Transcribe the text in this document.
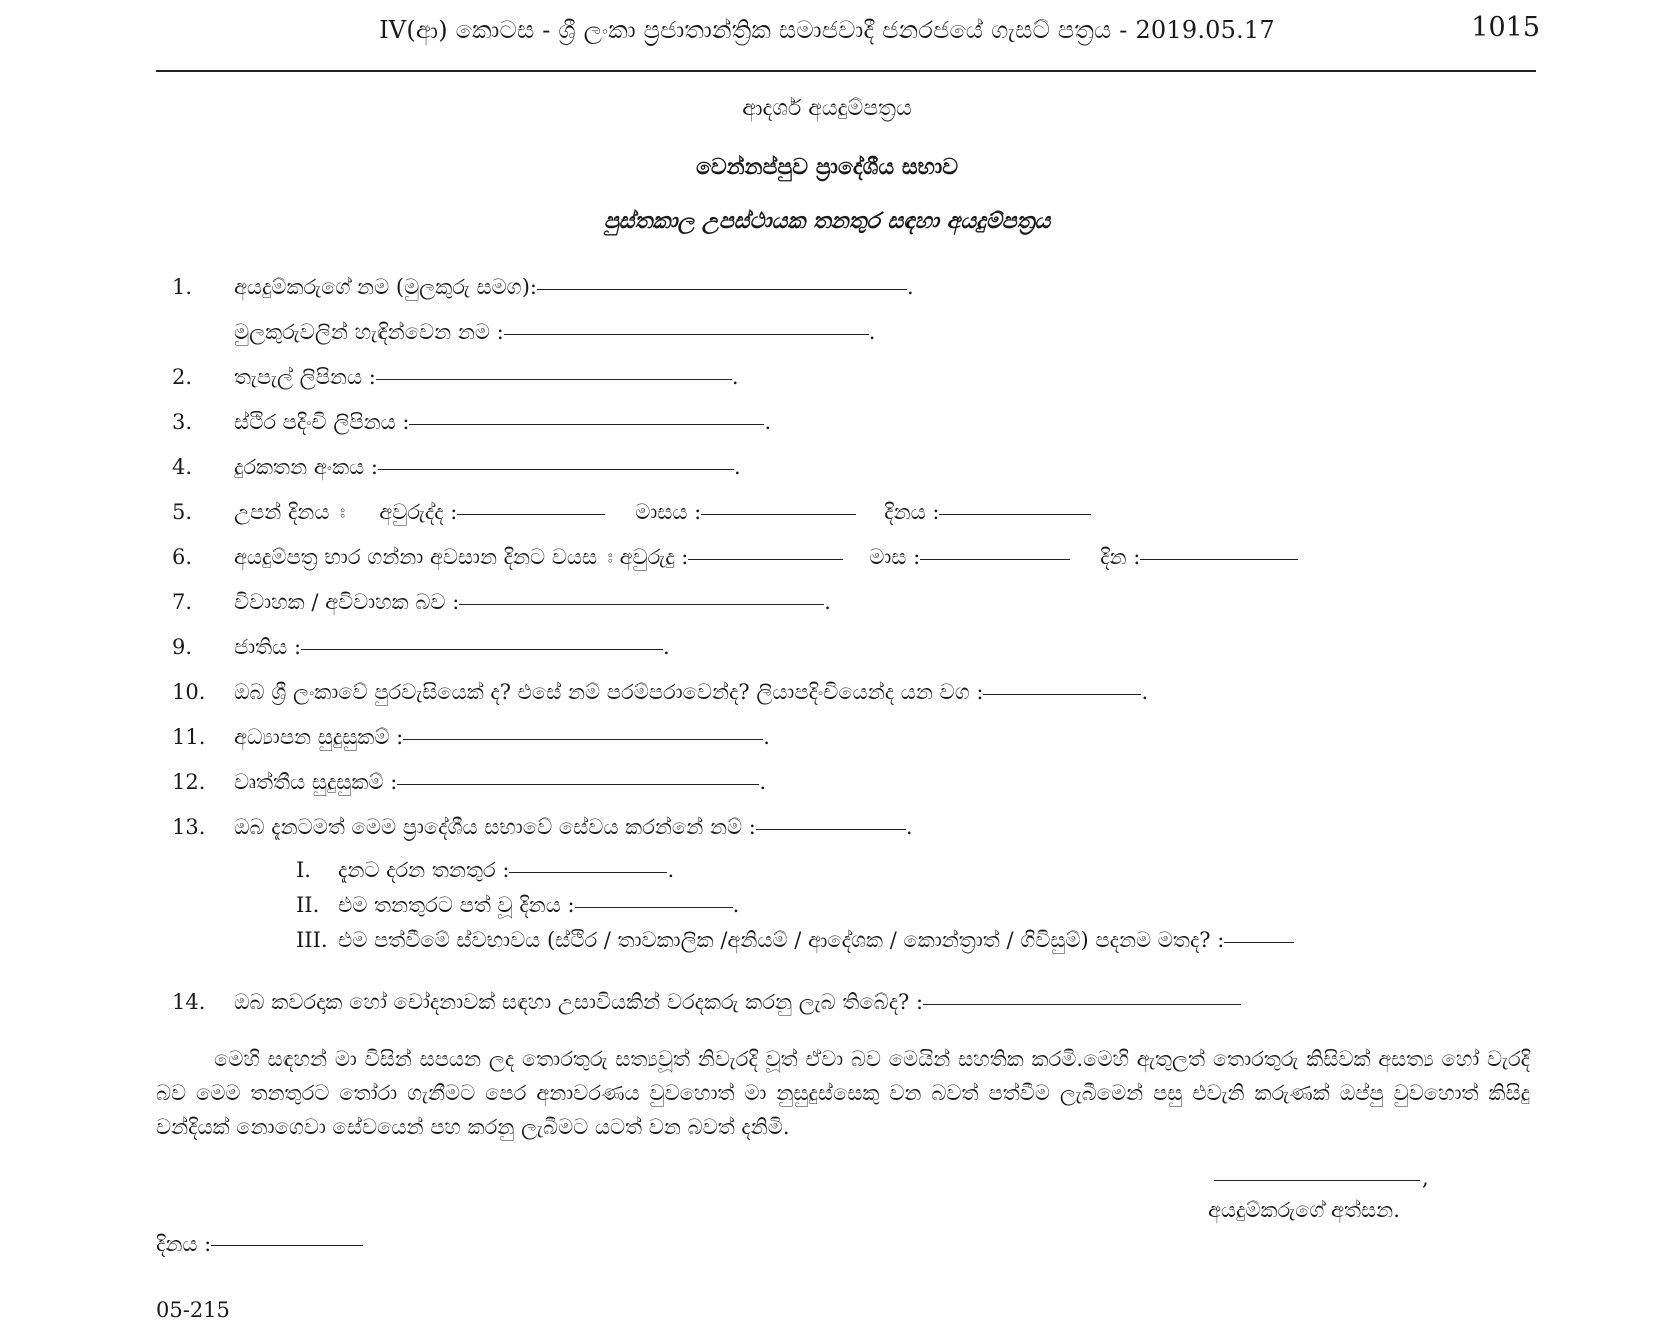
IV(ආ) කොටස - ශ්‍රී ලංකා ප්‍රජාතාන්ත්‍රික සමාජවාදී ජනරජයේ ගැසට් පත්‍රය - 2019.05.17	1015
ආදර්ශ අයදුම්පත්‍රය
වෙන්නප්පුව ප්‍රාදේශීය සභාව
පුස්තකාල උපස්ථායක තනතුර සඳහා අයදුම්පත්‍රය
1. අයදුම්කරුගේ නම (මුලකුරු සමග):	.
මුලකුරුවලින් හැඳින්වෙන නම :	.
2. තැපැල් ලිපිනය :	.
3. ස්ථිර පදිංචි ලිපිනය :	.
4. දුරකතන අංකය :	.
5. උපන් දිනය ඃ අවුරුද්ද :	මාසය :	දිනය :
6. අයදුම්පත්‍ර භාර ගන්නා අවසාන දිනට වයස ඃ අවුරුදු :	මාස :	දින :
7. විවාහක / අවිවාහක බව :	.
9. ජාතිය :	.
10. ඔබ ශ්‍රී ලංකාවේ පුරවැසියෙක් ද? එසේ නම් පරම්පරාවෙන්ද? ලියාපදිංචියෙන්ද යන වග :	.
11. අධ්‍යාපන සුදුසුකම් :	.
12. වෘත්තීය සුදුසුකම් :	.
13. ඔබ දැනටමත් මෙම ප්‍රාදේශීය සභාවේ සේවය කරන්නේ නම් :	.
I. දැනට දරන තනතුර :	.
II. එම තනතුරට පත් වූ දිනය :	.
III. එම පත්වීමේ ස්වභාවය (ස්ථිර / තාවකාලික /අනියම් / ආදේශක / කොන්ත්‍රාත් / ගිවිසුම්) පදනම මතද? :
14. ඔබ කවරදාක හෝ චෝදනාවක් සඳහා උසාවියකින් වරදකරු කරනු ලැබ තිබේද? :
මෙහි සඳහන් මා විසින් සපයන ලද තොරතුරු සත්‍යවූත් නිවැරදි වූත් ඒවා බව මෙයින් සහතික කරමි.මෙහි ඇතුලත් තොරතුරු කිසිවක් අසත්‍ය හෝ වැරදි බව මෙම තනතුරට තෝරා ගැනීමට පෙර අනාවරණය වුවහොත් මා නුසුදුස්සෙකු වන බවත් පත්වීම ලැබීමෙන් පසු එවැනි කරුණක් ඔප්පු වුවහොත් කිසිදු වන්දියක් නොගෙවා සේවයෙන් පහ කරනු ලැබීමට යටත් වන බවත් දනිමි.
,
අයදුම්කරුගේ අත්සන.
දිනය :
05-215
